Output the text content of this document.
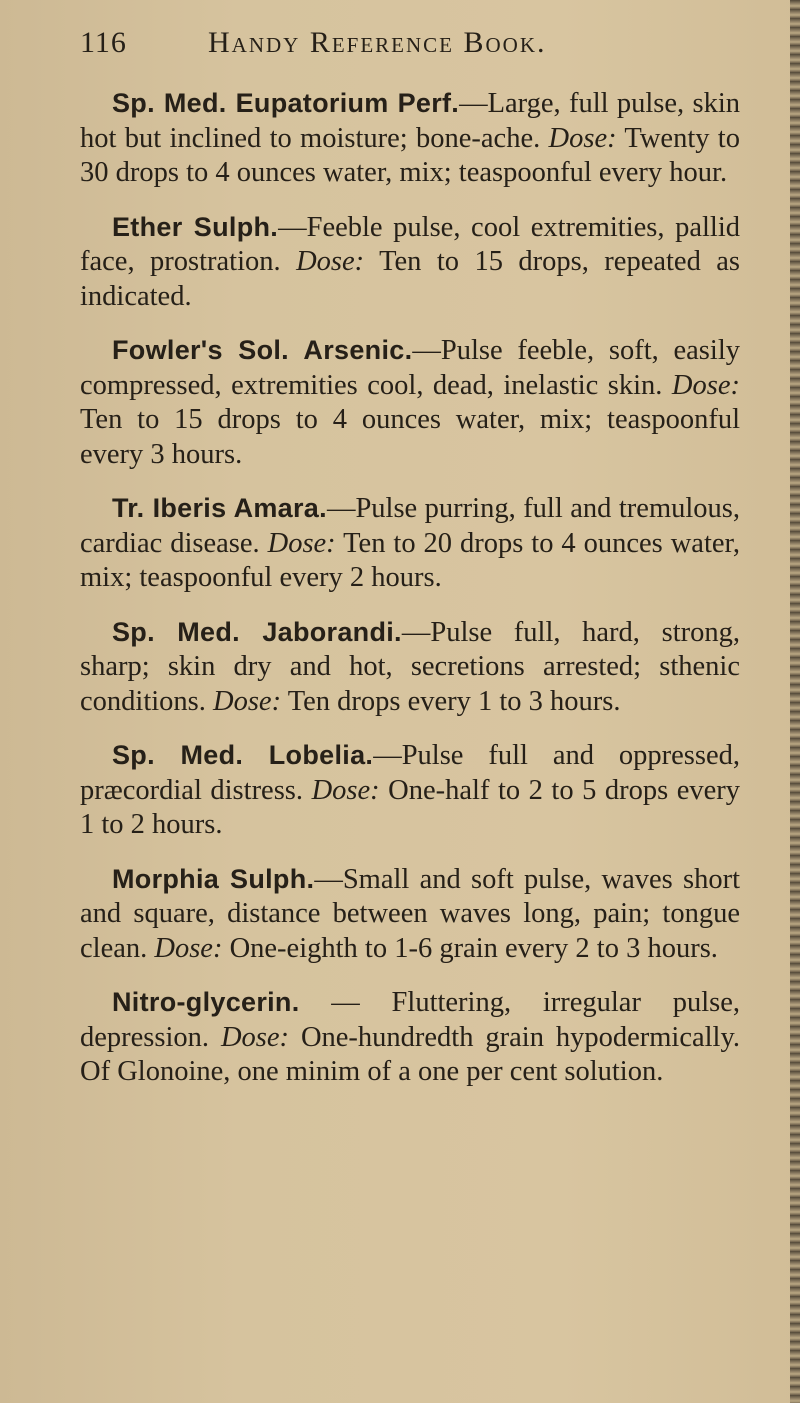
116	Handy Reference Book.

Sp. Med. Eupatorium Perf.—Large, full pulse, skin hot but inclined to moisture; bone-ache. Dose: Twenty to 30 drops to 4 ounces water, mix; teaspoonful every hour.

Ether Sulph.—Feeble pulse, cool extremities, pallid face, prostration. Dose: Ten to 15 drops, repeated as indicated.

Fowler's Sol. Arsenic.—Pulse feeble, soft, easily compressed, extremities cool, dead, inelastic skin. Dose: Ten to 15 drops to 4 ounces water, mix; teaspoonful every 3 hours.

Tr. Iberis Amara.—Pulse purring, full and tremulous, cardiac disease. Dose: Ten to 20 drops to 4 ounces water, mix; teaspoonful every 2 hours.

Sp. Med. Jaborandi.—Pulse full, hard, strong, sharp; skin dry and hot, secretions arrested; sthenic conditions. Dose: Ten drops every 1 to 3 hours.

Sp. Med. Lobelia.—Pulse full and oppressed, præcordial distress. Dose: One-half to 2 to 5 drops every 1 to 2 hours.

Morphia Sulph.—Small and soft pulse, waves short and square, distance between waves long, pain; tongue clean. Dose: One-eighth to 1-6 grain every 2 to 3 hours.

Nitro-glycerin. — Fluttering, irregular pulse, depression. Dose: One-hundredth grain hypodermically. Of Glonoine, one minim of a one per cent solution.
